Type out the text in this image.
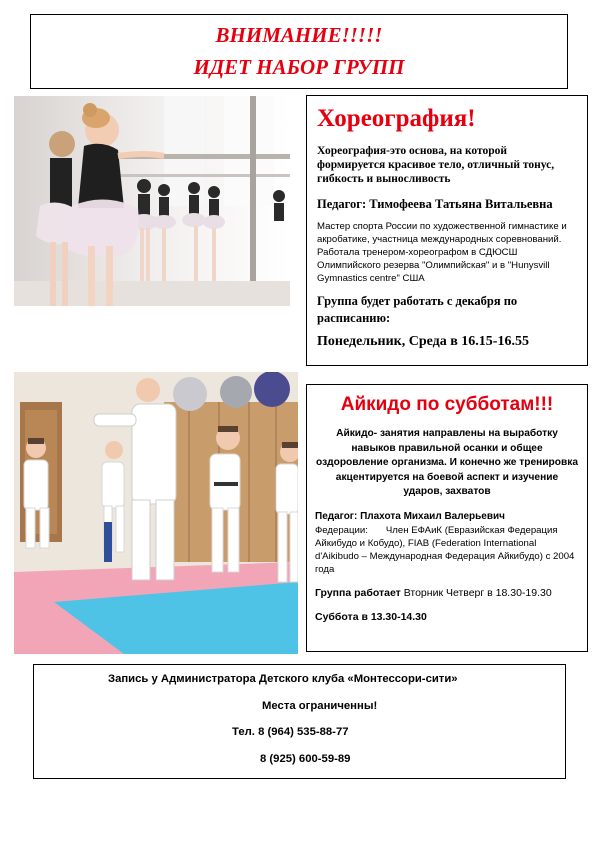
ВНИМАНИЕ!!!!!
ИДЕТ НАБОР ГРУПП
Хореография!
Хореография-это основа, на которой формируется красивое тело, отличный тонус, гибкость и выносливость
Педагог: Тимофеева Татьяна Витальевна
Мастер спорта России по художественной гимнастике и акробатике, участница международных соревнований. Работала тренером-хореографом в СДЮСШ Олимпийского резерва "Олимпийская" и в "Hunysvill Gymnastics centre" США
Группа будет работать с декабря по расписанию:
Понедельник, Среда в 16.15-16.55
Айкидо по субботам!!!
Айкидо- занятия направлены на выработку навыков правильной осанки и общее оздоровление организма. И конечно же тренировка акцентируется на боевой аспект и изучение ударов, захватов
Педагог: Плахота Михаил Валерьевич
Федерации: Член ЕФАиК (Евразийская Федерация Айкибудо и Кобудо), FIAB (Federation International d'Aikibudo – Международная Федерация Айкибудо) с 2004 года
Группа работает Вторник Четверг в 18.30-19.30
Суббота в 13.30-14.30
Запись у Администратора Детского клуба «Монтессори-сити»
Места ограниченны!
Тел. 8 (964) 535-88-77
8 (925) 600-59-89
